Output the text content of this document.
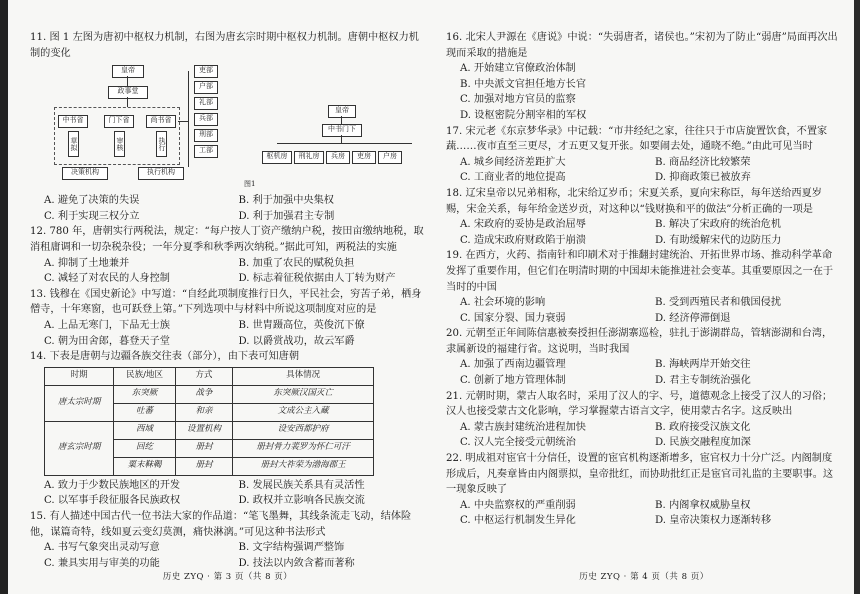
11. 图 1 左图为唐初中枢权力机制，右图为唐玄宗时期中枢权力机制。唐朝中枢权力机制的变化
皇帝
政事堂
中书省	门下省	尚书省
草拟	审核	执行
决策机构	执行机构
吏部
户部
礼部
兵部
刑部
工部
皇帝
中书门下
枢机房	刑礼房	兵房	吏房	户房
图1
A. 避免了决策的失误	B. 利于加强中央集权
C. 利于实现三权分立	D. 利于加强君主专制
12. 780 年，唐朝实行两税法，规定：“每户按人丁资产缴纳户税，按田亩缴纳地税，取消租庸调和一切杂税杂役；一年分夏季和秋季两次纳税。”据此可知，两税法的实施
A. 抑制了土地兼并	B. 加重了农民的赋税负担
C. 减轻了对农民的人身控制	D. 标志着征税依据由人丁转为财产
13. 钱穆在《国史新论》中写道：“自经此项制度推行日久，平民社会，穷苦子弟，栖身僧寺，十年寒窗，也可跃登上第。”下列选项中与材料中所说这项制度对应的是
A. 上品无寒门，下品无士族	B. 世胄蹑高位，英俊沉下僚
C. 朝为田舍郎，暮登天子堂	D. 以爵赏战功，故云军爵
14. 下表是唐朝与边疆各族交往表（部分），由下表可知唐朝
时期	民族/地区	方式	具体情况
唐太宗时期	东突厥	战争	东突厥汉国灭亡
	吐蕃	和亲	文成公主入藏
唐玄宗时期	西域	设置机构	设安西都护府
	回纥	册封	册封骨力裴罗为怀仁可汗
	粟末靺鞨	册封	册封大祚荣为渤海郡王
A. 致力于少数民族地区的开发	B. 发展民族关系具有灵活性
C. 以军事手段征服各民族政权	D. 政权并立影响各民族交流
15. 有人描述中国古代一位书法大家的作品道：“笔飞墨舞，其线条流走飞动，结体险他，谋篇奇特，线如夏云变幻莫测，痛快淋漓。”可见这种书法形式
A. 书写气象突出灵动写意	B. 文字结构强调严整饰
C. 兼具实用与审美的功能	D. 技法以内敛含蓄而著称
历史 ZYQ · 第 3 页（共 8 页）
16. 北宋人尹源在《唐说》中说：“失弱唐者，诸侯也。”宋初为了防止“弱唐”局面再次出现而采取的措施是
A. 开始建立官僚政治体制
B. 中央派文官担任地方长官
C. 加强对地方官员的监察
D. 设枢密院分割宰相的军权
17. 宋元老《东京梦华录》中记载：“市井经纪之家，往往只于市店旋置饮食，不置家蔬……夜市直至三更尽，才五更又复开张。如要闹去处，通晓不绝。”由此可见当时
A. 城乡间经济差距扩大	B. 商品经济比较繁荣
C. 工商业者的地位提高	D. 抑商政策已被放弃
18. 辽宋皇帝以兄弟相称，北宋给辽岁币；宋夏关系，夏向宋称臣，每年送给西夏岁赐，宋金关系，每年给金送岁贡，对这种以“钱财换和平的做法”分析正确的一项是
A. 宋政府的妥协是政治屈辱	B. 解决了宋政府的统治危机
C. 造成宋政府财政陷于崩溃	D. 有助缓解宋代的边防压力
19. 在西方，火药、指南针和印刷术对于推翻封建统治、开拓世界市场、推动科学革命发挥了重要作用，但它们在明清时期的中国却未能推进社会变革。其重要原因之一在于当时的中国
A. 社会环境的影响	B. 受到西殖民者和俄国侵扰
C. 国家分裂、国力衰弱	D. 经济停滞倒退
20. 元朝至正年间陈信惠被奏授担任澎湖寨巡检，驻扎于澎湖群岛，管辖澎湖和台湾，隶属新设的福建行省。这说明，当时我国
A. 加强了西南边疆管理	B. 海峡两岸开始交往
C. 创新了地方管理体制	D. 君主专制统治强化
21. 元朝时期，蒙古人取名时，采用了汉人的字、号，道德观念上接受了汉人的习俗；汉人也接受蒙古文化影响，学习掌握蒙古语言文字，使用蒙古名字。这反映出
A. 蒙古族封建统治进程加快	B. 政府接受汉族文化
C. 汉人完全接受元朝统治	D. 民族交融程度加深
22. 明成祖对宦官十分信任，设置的宦官机构逐渐增多，宦官权力十分广泛。内阁制度形成后，凡奏章皆由内阁票拟，皇帝批红，而协助批红正是宦官司礼监的主要职事。这一现象反映了
A. 中央监察权的严重削弱	B. 内阁拿权威胁皇权
C. 中枢运行机制发生异化	D. 皇帝决策权力逐渐转移
历史 ZYQ · 第 4 页（共 8 页）
